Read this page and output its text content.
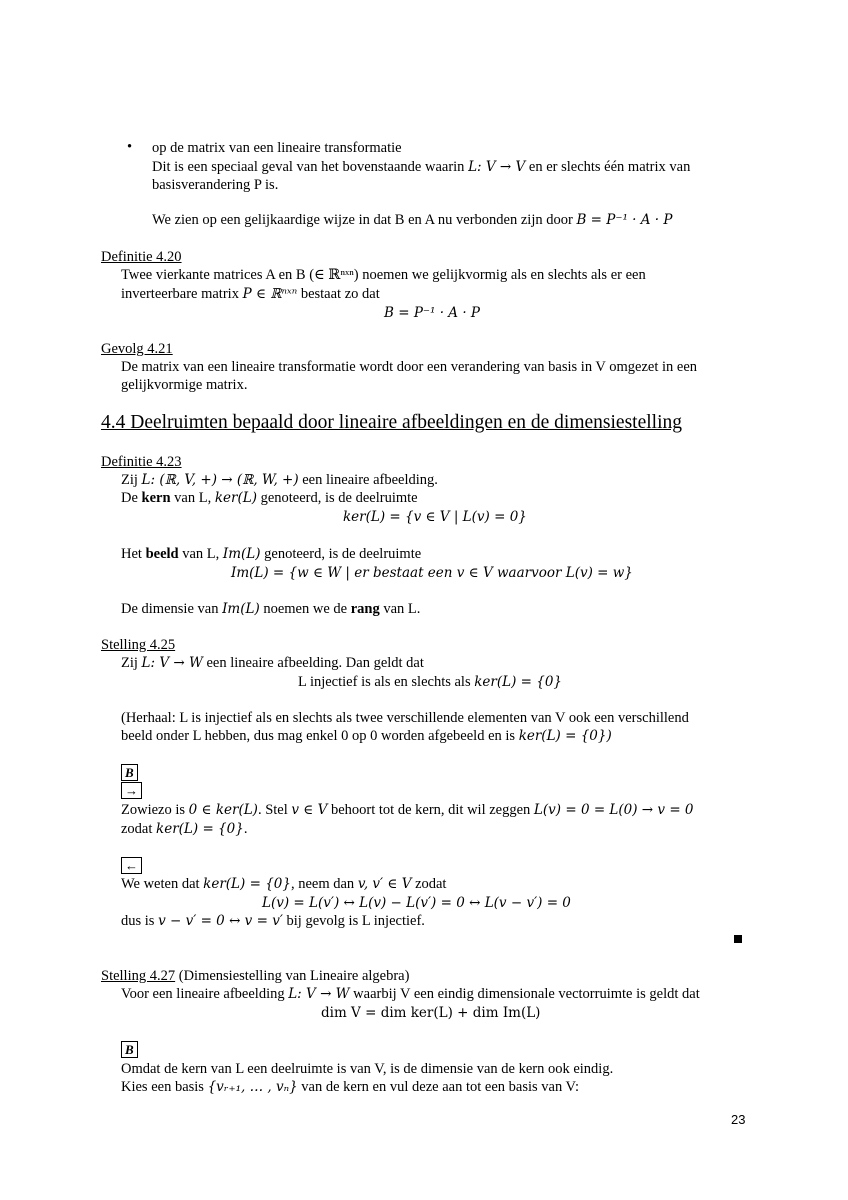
• op de matrix van een lineaire transformatie
Dit is een speciaal geval van het bovenstaande waarin L: V → V en er slechts één matrix van
basisverandering P is.
We zien op een gelijkaardige wijze in dat B en A nu verbonden zijn door B = P⁻¹ · A · P
Definitie 4.20
Twee vierkante matrices A en B (∈ ℝⁿˣⁿ) noemen we gelijkvormig als en slechts als er een
inverteerbare matrix P ∈ ℝⁿˣⁿ bestaat zo dat
B = P⁻¹ · A · P
Gevolg 4.21
De matrix van een lineaire transformatie wordt door een verandering van basis in V omgezet in een
gelijkvormige matrix.
4.4 Deelruimten bepaald door lineaire afbeeldingen en de dimensiestelling
Definitie 4.23
Zij L: (ℝ, V, +) → (ℝ, W, +) een lineaire afbeelding.
De kern van L, ker(L) genoteerd, is de deelruimte
ker(L) = {v ∈ V | L(v) = 0}
Het beeld van L, Im(L) genoteerd, is de deelruimte
Im(L) = {w ∈ W | er bestaat een v ∈ V waarvoor L(v) = w}
De dimensie van Im(L) noemen we de rang van L.
Stelling 4.25
Zij L: V → W een lineaire afbeelding. Dan geldt dat
L injectief is als en slechts als ker(L) = {0}
(Herhaal: L is injectief als en slechts als twee verschillende elementen van V ook een verschillend
beeld onder L hebben, dus mag enkel 0 op 0 worden afgebeeld en is ker(L) = {0})
B
→
Zowiezo is 0 ∈ ker(L). Stel v ∈ V behoort tot de kern, dit wil zeggen L(v) = 0 = L(0) → v = 0
zodat ker(L) = {0}.
←
We weten dat ker(L) = {0}, neem dan v, v′ ∈ V zodat
L(v) = L(v′) ↔ L(v) − L(v′) = 0 ↔ L(v − v′) = 0
dus is v − v′ = 0 ↔ v = v′ bij gevolg is L injectief.
Stelling 4.27 (Dimensiestelling van Lineaire algebra)
Voor een lineaire afbeelding L: V → W waarbij V een eindig dimensionale vectorruimte is geldt dat
dim V = dim ker(L) + dim Im(L)
B
Omdat de kern van L een deelruimte is van V, is de dimensie van de kern ook eindig.
Kies een basis {vᵣ₊₁, … , vₙ} van de kern en vul deze aan tot een basis van V:
23
